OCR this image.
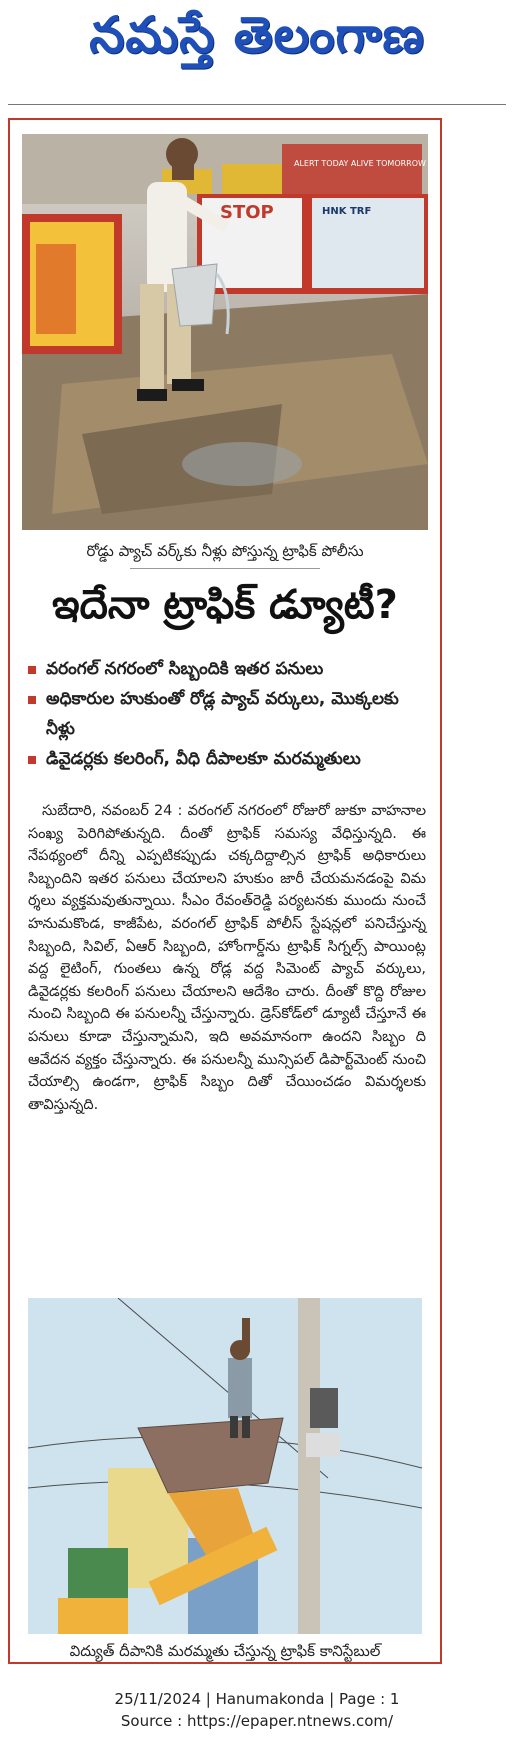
నమస్తే తెలంగాణ
ALERT TODAY ALIVE TOMORROW
STOP	HNK TRF
రోడ్డు ప్యాచ్ వర్క్‌కు నీళ్లు పోస్తున్న ట్రాఫిక్ పోలీసు
ఇదేనా ట్రాఫిక్ డ్యూటీ?
వరంగల్ నగరంలో సిబ్బందికి ఇతర పనులు
అధికారుల హుకుంతో రోడ్ల ప్యాచ్ వర్కులు, మొక్కలకు నీళ్లు
డివైడర్లకు కలరింగ్, వీధి దీపాలకూ మరమ్మతులు
సుబేదారి, నవంబర్ 24 : వరంగల్ నగరంలో రోజురో జుకూ వాహనాల సంఖ్య పెరిగిపోతున్నది. దీంతో ట్రాఫిక్ సమస్య వేధిస్తున్నది. ఈ నేపథ్యంలో దీన్ని ఎప్పటికప్పుడు చక్కదిద్దాల్సిన ట్రాఫిక్ అధికారులు సిబ్బందిని ఇతర పనులు చేయాలని హుకుం జారీ చేయమనడంపై విమ ర్శలు వ్యక్తమవుతున్నాయి. సీఎం రేవంత్‌రెడ్డి పర్యటనకు ముందు నుంచే హనుమకొండ, కాజీపేట, వరంగల్ ట్రాఫిక్ పోలీస్ స్టేషన్లలో పనిచేస్తున్న సిబ్బంది, సివిల్, ఏఆర్ సిబ్బంది, హోంగార్డ్‌ను ట్రాఫిక్ సిగ్నల్స్ పాయింట్ల వద్ద లైటింగ్, గుంతలు ఉన్న రోడ్ల వద్ద సిమెంట్ ప్యాచ్ వర్కులు, డివైడర్లకు కలరింగ్ పనులు చేయాలని ఆదేశిం చారు. దీంతో కొద్ది రోజుల నుంచి సిబ్బంది ఈ పనులన్నీ చేస్తున్నారు. డ్రెస్‌కోడ్‌లో డ్యూటీ చేస్తూనే ఈ పనులు కూడా చేస్తున్నామని, ఇది అవమానంగా ఉందని సిబ్బం ది ఆవేదన వ్యక్తం చేస్తున్నారు. ఈ పనులన్నీ మున్సిపల్ డిపార్ట్‌మెంట్ నుంచి చేయాల్సి ఉండగా, ట్రాఫిక్ సిబ్బం దితో చేయించడం విమర్శలకు తావిస్తున్నది.
విద్యుత్ దీపానికి మరమ్మతు చేస్తున్న ట్రాఫిక్ కానిస్టేబుల్
25/11/2024 | Hanumakonda | Page : 1
Source : https://epaper.ntnews.com/
